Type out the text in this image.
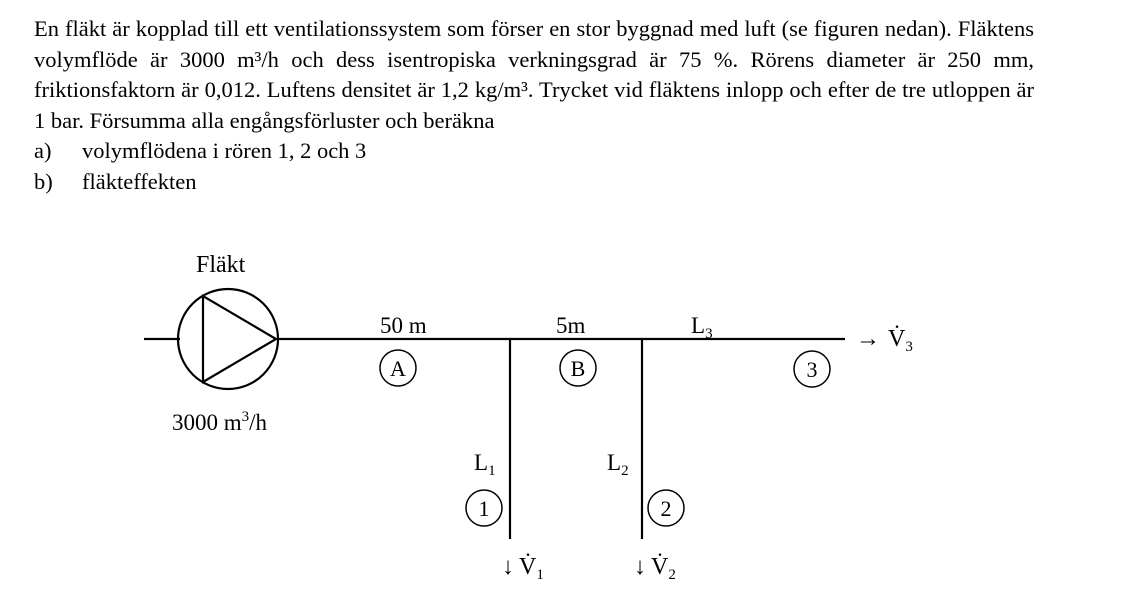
En fläkt är kopplad till ett ventilationssystem som förser en stor byggnad med luft (se figuren nedan). Fläktens volymflöde är 3000 m³/h och dess isentropiska verkningsgrad är 75 %. Rörens diameter är 250 mm, friktionsfaktorn är 0,012. Luftens densitet är 1,2 kg/m³. Trycket vid fläktens inlopp och efter de tre utloppen är 1 bar. Försumma alla engångsförluster och beräkna

a)	volymflödena i rören 1, 2 och 3
b)	fläkteffekten
Fläkt
3000 $m^3/h$
50 m	5m	$L_3$
A	B	3
$L_1$	$L_2$
1	2
↓ $V̇_1$	↓ $V̇_2$
→ $V̇_3$
